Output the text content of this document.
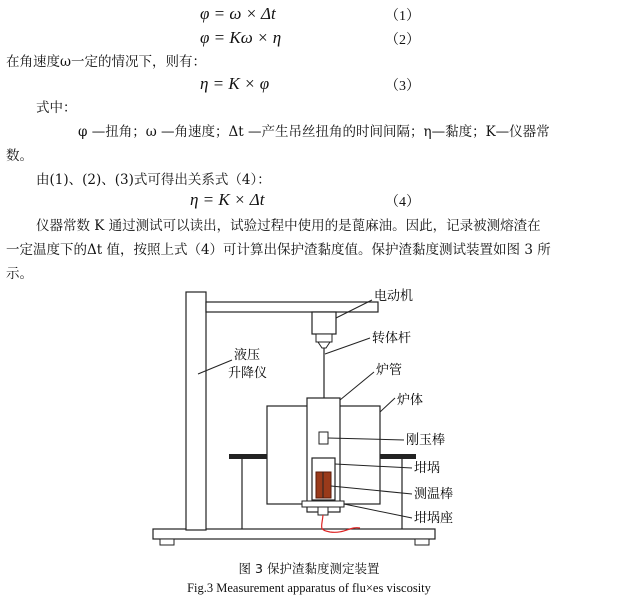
φ = ω × Δt	（1）
φ = Kω × η	（2）
在角速度ω一定的情况下，则有：
η = K × φ	（3）
式中：
φ —扭角；ω —角速度；Δt —产生吊丝扭角的时间间隔；η—黏度；K—仪器常
数。
由(1)、(2)、(3)式可得出关系式（4）：
η = K × Δt	（4）
仪器常数 K 通过测试可以读出，试验过程中使用的是蓖麻油。因此，记录被测熔渣在
一定温度下的Δt 值，按照上式（4）可计算出保护渣黏度值。保护渣黏度测试装置如图 3 所
示。
电动机
转体杆
炉管
炉体
液压
升降仪
刚玉棒
坩埚
测温棒
坩埚座
图 3 保护渣黏度测定装置
Fig.3 Measurement apparatus of flu×es viscosity
